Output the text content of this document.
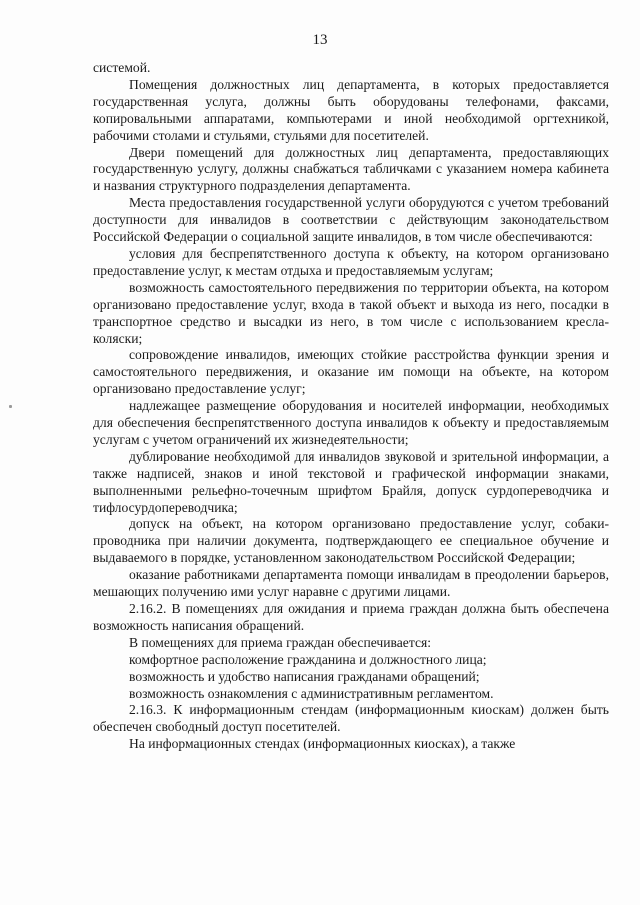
13

системой.

Помещения должностных лиц департамента, в которых предоставляется государственная услуга, должны быть оборудованы телефонами, факсами, копировальными аппаратами, компьютерами и иной необходимой оргтехникой, рабочими столами и стульями, стульями для посетителей.

Двери помещений для должностных лиц департамента, предоставляющих государственную услугу, должны снабжаться табличками с указанием номера кабинета и названия структурного подразделения департамента.

Места предоставления государственной услуги оборудуются с учетом требований доступности для инвалидов в соответствии с действующим законодательством Российской Федерации о социальной защите инвалидов, в том числе обеспечиваются:

условия для беспрепятственного доступа к объекту, на котором организовано предоставление услуг, к местам отдыха и предоставляемым услугам;

возможность самостоятельного передвижения по территории объекта, на котором организовано предоставление услуг, входа в такой объект и выхода из него, посадки в транспортное средство и высадки из него, в том числе с использованием кресла-коляски;

сопровождение инвалидов, имеющих стойкие расстройства функции зрения и самостоятельного передвижения, и оказание им помощи на объекте, на котором организовано предоставление услуг;

надлежащее размещение оборудования и носителей информации, необходимых для обеспечения беспрепятственного доступа инвалидов к объекту и предоставляемым услугам с учетом ограничений их жизнедеятельности;

дублирование необходимой для инвалидов звуковой и зрительной информации, а также надписей, знаков и иной текстовой и графической информации знаками, выполненными рельефно-точечным шрифтом Брайля, допуск сурдопереводчика и тифлосурдопереводчика;

допуск на объект, на котором организовано предоставление услуг, собаки-проводника при наличии документа, подтверждающего ее специальное обучение и выдаваемого в порядке, установленном законодательством Российской Федерации;

оказание работниками департамента помощи инвалидам в преодолении барьеров, мешающих получению ими услуг наравне с другими лицами.

2.16.2. В помещениях для ожидания и приема граждан должна быть обеспечена возможность написания обращений.

В помещениях для приема граждан обеспечивается:

комфортное расположение гражданина и должностного лица;

возможность и удобство написания гражданами обращений;

возможность ознакомления с административным регламентом.

2.16.3. К информационным стендам (информационным киоскам) должен быть обеспечен свободный доступ посетителей.

На информационных стендах (информационных киосках), а также
